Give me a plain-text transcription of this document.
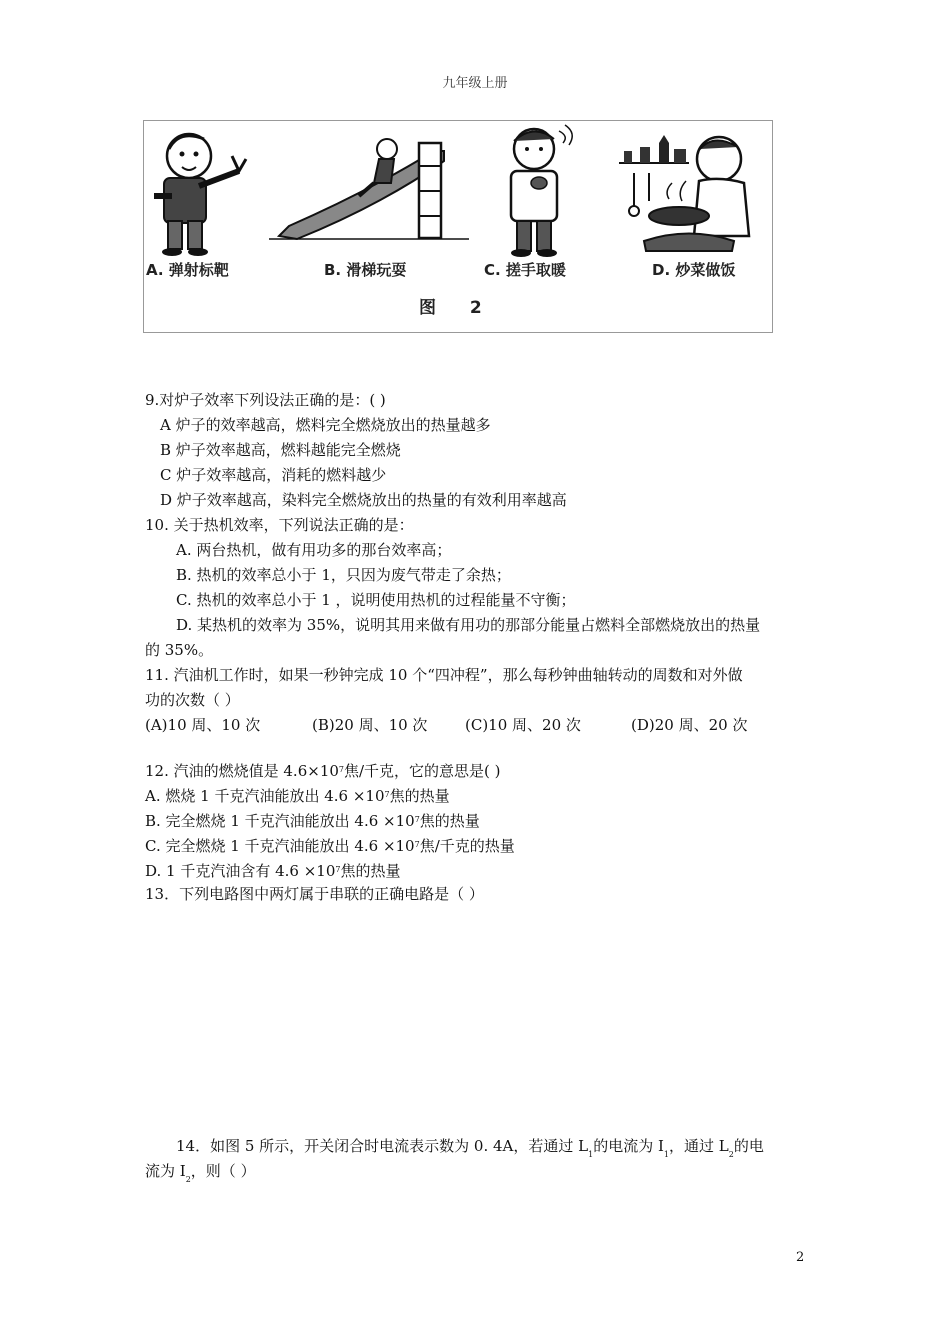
九年级上册
A. 弹射标靶	B. 滑梯玩耍	C. 搓手取暖	D. 炒菜做饭
图 2
9.对炉子效率下列设法正确的是：( )
A 炉子的效率越高，燃料完全燃烧放出的热量越多
B 炉子效率越高，燃料越能完全燃烧
C 炉子效率越高，消耗的燃料越少
D 炉子效率越高，染料完全燃烧放出的热量的有效利用率越高
10. 关于热机效率，下列说法正确的是：
A. 两台热机，做有用功多的那台效率高；
B. 热机的效率总小于 1，只因为废气带走了余热；
C. 热机的效率总小于 1 ，说明使用热机的过程能量不守衡；
D. 某热机的效率为 35%，说明其用来做有用功的那部分能量占燃料全部燃烧放出的热量
的 35%。
11. 汽油机工作时，如果一秒钟完成 10 个“四冲程”，那么每秒钟曲轴转动的周数和对外做
功的次数（ ）
(A)10 周、10 次	(B)20 周、10 次	(C)10 周、20 次	(D)20 周、20 次
12. 汽油的燃烧值是 $4.6\times 10^7$焦/千克，它的意思是( )
A. 燃烧 1 千克汽油能放出 $4.6 \times 10^7$焦的热量
B. 完全燃烧 1 千克汽油能放出 $4.6 \times 10^7$焦的热量
C. 完全燃烧 1 千克汽油能放出 $4.6 \times 10^7$焦/千克的热量
D. 1 千克汽油含有 $4.6 \times 10^7$焦的热量
13．下列电路图中两灯属于串联的正确电路是（ ）
14．如图 5 所示，开关闭合时电流表示数为 0. 4A，若通过 $L_1$的电流为 $I_1$，通过 $L_2$的电
流为 $I_2$，则（ ）
2
